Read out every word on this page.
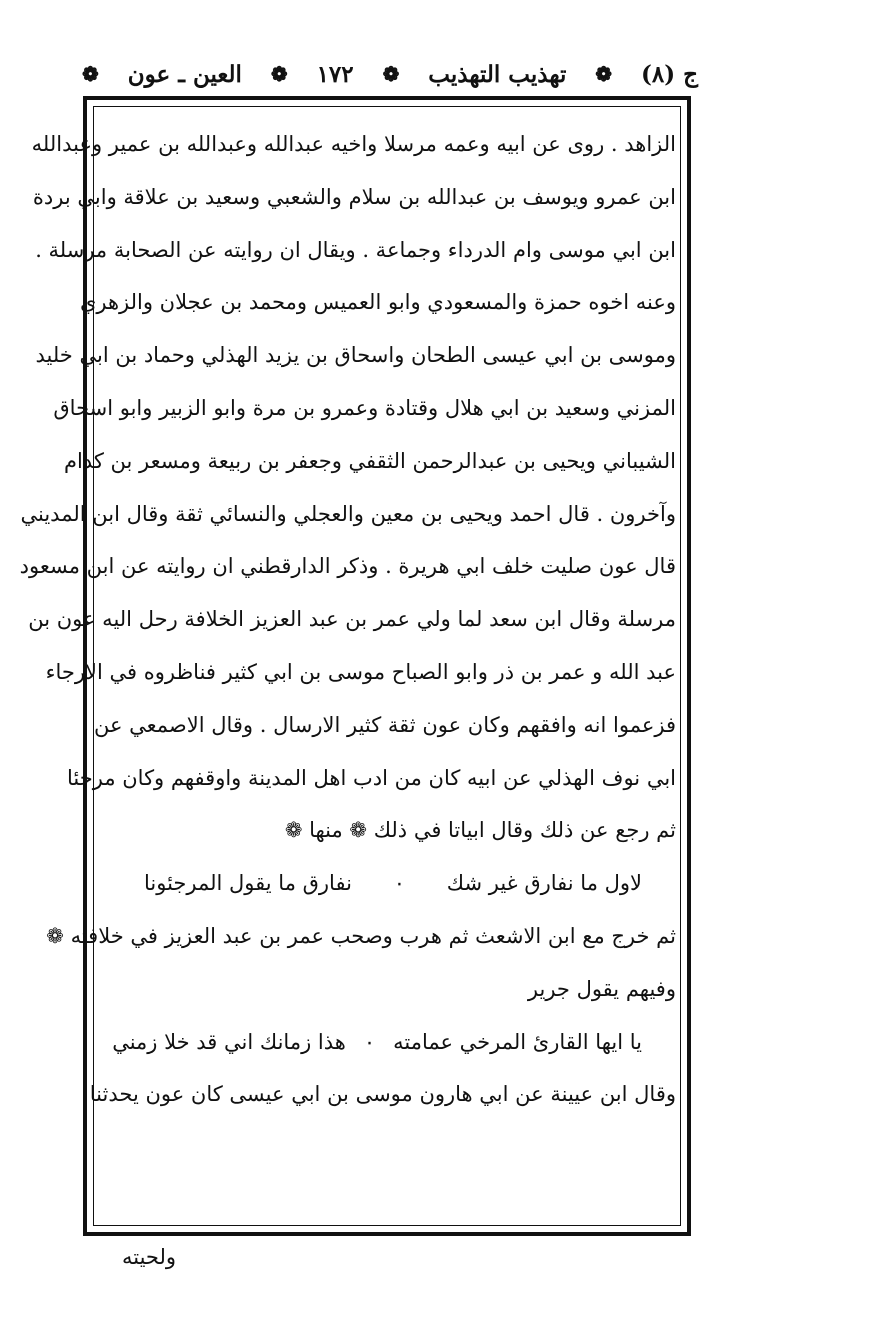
ج (٨)
❁
تهذيب التهذيب
❁
١٧٢
❁
العين ـ عون
❁
الزاهد . روى عن ابيه وعمه مرسلا واخيه عبدالله وعبدالله بن عمير وعبدالله
ابن عمرو ويوسف بن عبدالله بن سلام والشعبي وسعيد بن علاقة وابي بردة
ابن ابي موسى وام الدرداء وجماعة . ويقال ان روايته عن الصحابة مرسلة .
وعنه اخوه حمزة والمسعودي وابو العميس ومحمد بن عجلان والزهري
وموسى بن ابي عيسى الطحان واسحاق بن يزيد الهذلي وحماد بن ابي خليد
المزني وسعيد بن ابي هلال وقتادة وعمرو بن مرة وابو الزبير وابو اسحاق
الشيباني ويحيى بن عبدالرحمن الثقفي وجعفر بن ربيعة ومسعر بن كدام
وآخرون . قال احمد ويحيى بن معين والعجلي والنسائي ثقة وقال ابن المديني
قال عون صليت خلف ابي هريرة . وذكر الدارقطني ان روايته عن ابن مسعود
مرسلة وقال ابن سعد لما ولي عمر بن عبد العزيز الخلافة رحل اليه عون بن
عبد الله و عمر بن ذر وابو الصباح موسى بن ابي كثير فناظروه في الارجاء
فزعموا انه وافقهم وكان عون ثقة كثير الارسال . وقال الاصمعي عن
ابي نوف الهذلي عن ابيه كان من ادب اهل المدينة واوقفهم وكان مرجئا
ثم رجع عن ذلك وقال ابياتا في ذلك ❁ منها ❁
لاول ما نفارق غير شك
٠
نفارق ما يقول المرجئونا
ثم خرج مع ابن الاشعث ثم هرب وصحب عمر بن عبد العزيز في خلافته ❁
وفيهم يقول جرير
يا ايها القارئ المرخي عمامته
٠
هذا زمانك اني قد خلا زمني
وقال ابن عيينة عن ابي هارون موسى بن ابي عيسى كان عون يحدثنا
ولحيته
